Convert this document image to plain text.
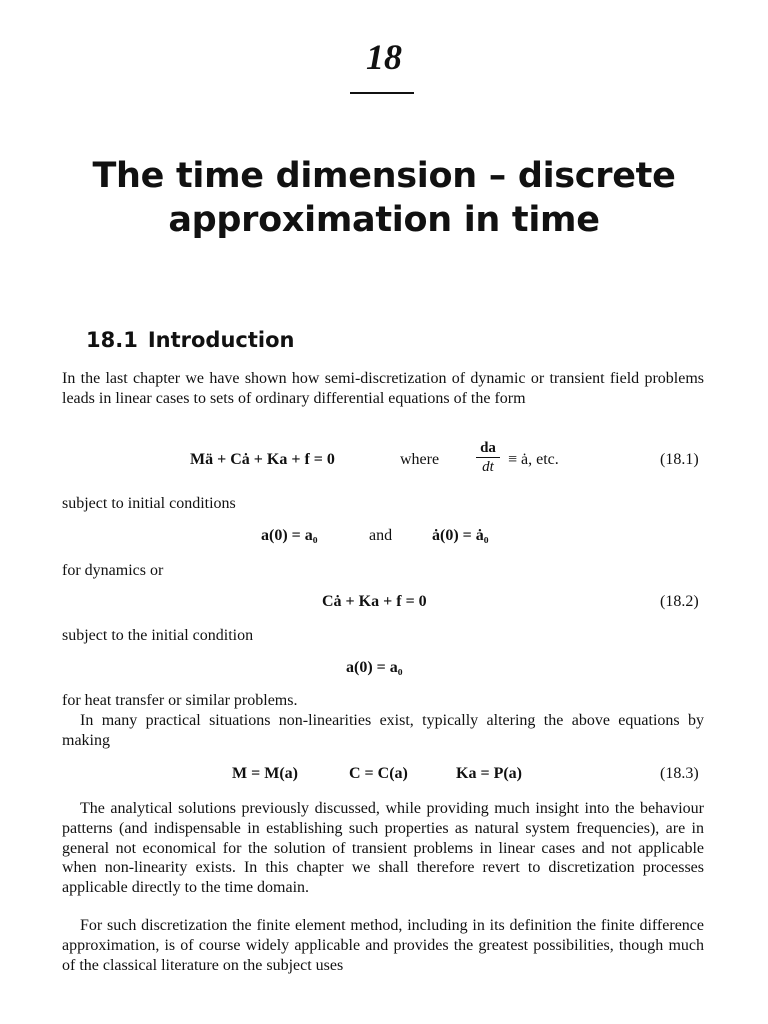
18
The time dimension – discrete
approximation in time
18.1 Introduction
In the last chapter we have shown how semi-discretization of dynamic or transient field problems leads in linear cases to sets of ordinary differential equations of the form
Mä + Cȧ + Ka + f = 0	where
da
dt ≡ ȧ, etc.	(18.1)
subject to initial conditions
a(0) = a₀	and ȧ(0) = ȧ₀
for dynamics or
Cȧ + Ka + f = 0	(18.2)
subject to the initial condition
a(0) = a₀
for heat transfer or similar problems.
In many practical situations non-linearities exist, typically altering the above equations by making
M = M(a)	C = C(a)	Ka = P(a)	(18.3)
The analytical solutions previously discussed, while providing much insight into the behaviour patterns (and indispensable in establishing such properties as natural system frequencies), are in general not economical for the solution of transient problems in linear cases and not applicable when non-linearity exists. In this chapter we shall therefore revert to discretization processes applicable directly to the time domain.
For such discretization the finite element method, including in its definition the finite difference approximation, is of course widely applicable and provides the greatest possibilities, though much of the classical literature on the subject uses
